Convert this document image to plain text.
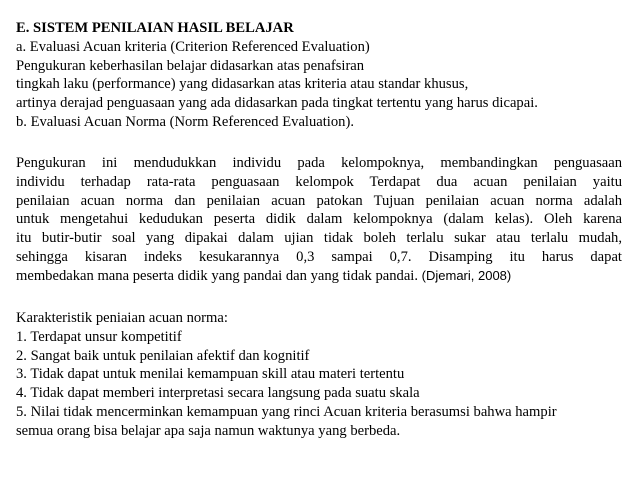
E. SISTEM PENILAIAN HASIL BELAJAR
a. Evaluasi Acuan kriteria (Criterion Referenced Evaluation)
Pengukuran keberhasilan belajar didasarkan atas penafsiran
tingkah laku (performance) yang didasarkan atas kriteria atau standar khusus,
artinya derajad penguasaan yang ada didasarkan pada tingkat tertentu yang harus dicapai.
b. Evaluasi Acuan Norma (Norm Referenced Evaluation).
Pengukuran ini mendudukkan individu pada kelompoknya, membandingkan penguasaan
individu terhadap rata-rata penguasaan kelompok Terdapat dua acuan penilaian yaitu
penilaian acuan norma dan penilaian acuan patokan Tujuan penilaian acuan norma adalah
untuk mengetahui kedudukan peserta didik dalam kelompoknya (dalam kelas). Oleh karena
itu butir-butir soal yang dipakai dalam ujian tidak boleh terlalu sukar atau terlalu mudah,
sehingga kisaran indeks kesukarannya 0,3 sampai 0,7. Disamping itu harus dapat
membedakan mana peserta didik yang pandai dan yang tidak pandai. (Djemari, 2008)
Karakteristik peniaian acuan norma:
1. Terdapat unsur kompetitif
2. Sangat baik untuk penilaian afektif dan kognitif
3. Tidak dapat untuk menilai kemampuan skill atau materi tertentu
4. Tidak dapat memberi interpretasi secara langsung pada suatu skala
5. Nilai tidak mencerminkan kemampuan yang rinci Acuan kriteria berasumsi bahwa hampir
semua orang bisa belajar apa saja namun waktunya yang berbeda.
